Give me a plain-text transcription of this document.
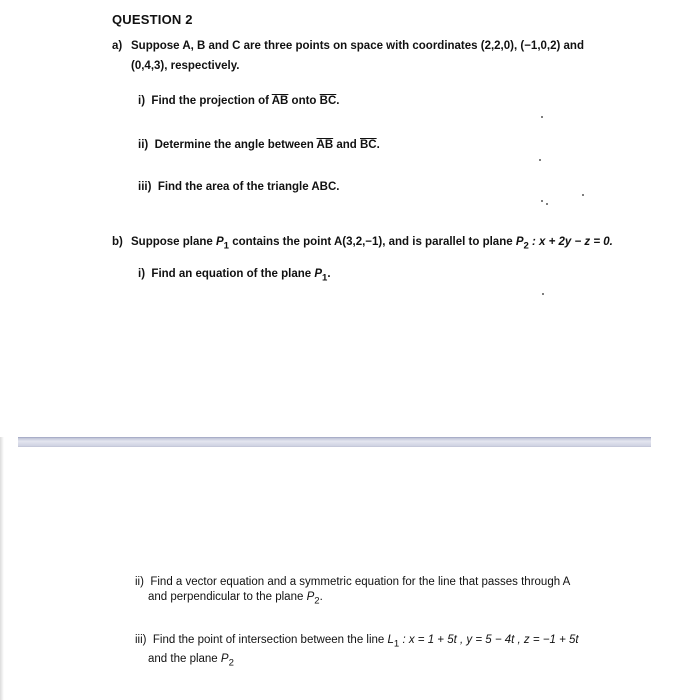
QUESTION 2
a) Suppose A, B and C are three points on space with coordinates (2,2,0), (−1,0,2) and
(0,4,3), respectively.
i) Find the projection of $\overline{AB}$ onto $\overline{BC}$.
ii) Determine the angle between $\overline{AB}$ and $\overline{BC}$.
iii) Find the area of the triangle ABC.
b) Suppose plane $P_1$ contains the point A(3,2,−1), and is parallel to plane $P_2$ : x + 2y − z = 0.
i) Find an equation of the plane $P_1$.
ii) Find a vector equation and a symmetric equation for the line that passes through A
and perpendicular to the plane $P_2$.
iii) Find the point of intersection between the line $L_1$ : x = 1 + 5t , y = 5 − 4t , z = −1 + 5t
and the plane $P_2$
